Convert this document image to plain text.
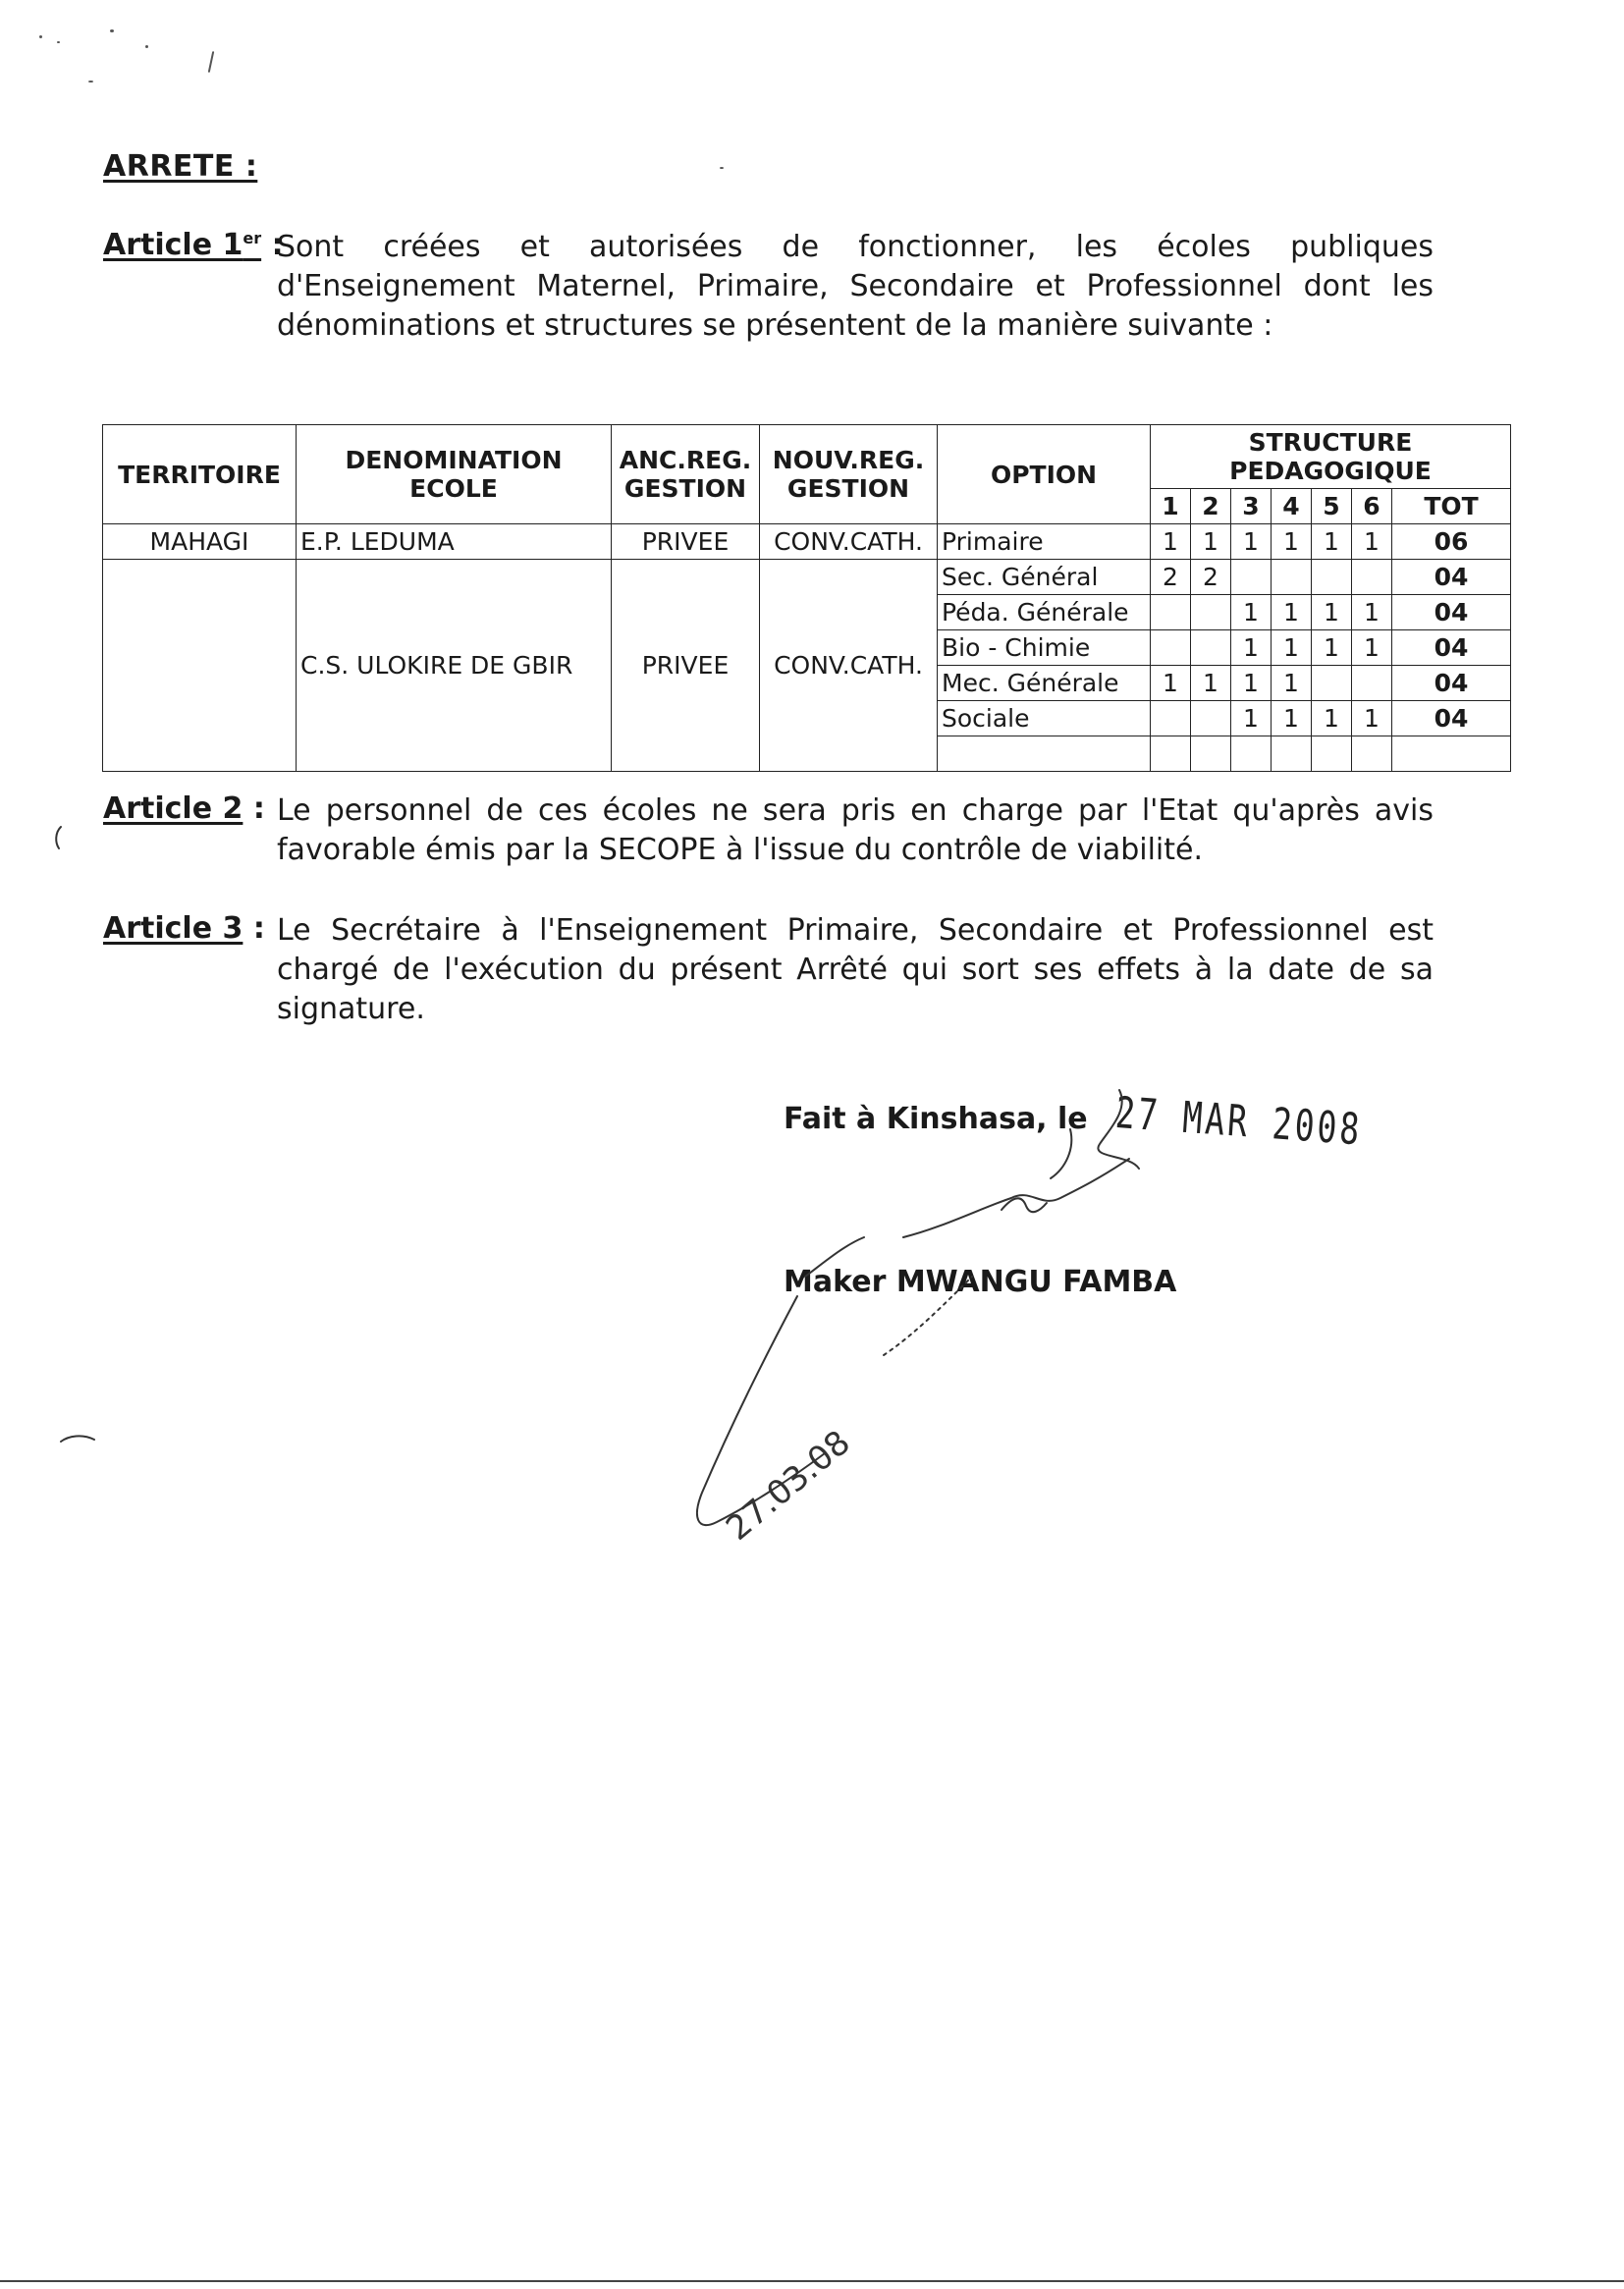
ARRETE :
Article 1er :
Sont créées et autorisées de fonctionner, les écoles publiques
d'Enseignement Maternel, Primaire, Secondaire et Professionnel dont les
dénominations et structures se présentent de la manière suivante :
TERRITOIRE	DENOMINATION ECOLE	ANC.REG. GESTION	NOUV.REG. GESTION	OPTION	STRUCTURE PEDAGOGIQUE						
					1	2	3	4	5	6	TOT
MAHAGI	E.P. LEDUMA	PRIVEE	CONV.CATH.	Primaire	1	1	1	1	1	1	06
	C.S. ULOKIRE DE GBIR	PRIVEE	CONV.CATH.	Sec. Général	2	2					04
				Péda. Générale			1	1	1	1	04
				Bio - Chimie			1	1	1	1	04
				Mec. Générale	1	1	1	1			04
				Sociale			1	1	1	1	04

Article 2 : Le personnel de ces écoles ne sera pris en charge par l'Etat qu'après avis
favorable émis par la SECOPE à l'issue du contrôle de viabilité.
Article 3 : Le Secrétaire à l'Enseignement Primaire, Secondaire et Professionnel est
chargé de l'exécution du présent Arrêté qui sort ses effets à la date de sa
signature.
Fait à Kinshasa, le 27 MAR 2008
Maker MWANGU FAMBA
27.03.08
